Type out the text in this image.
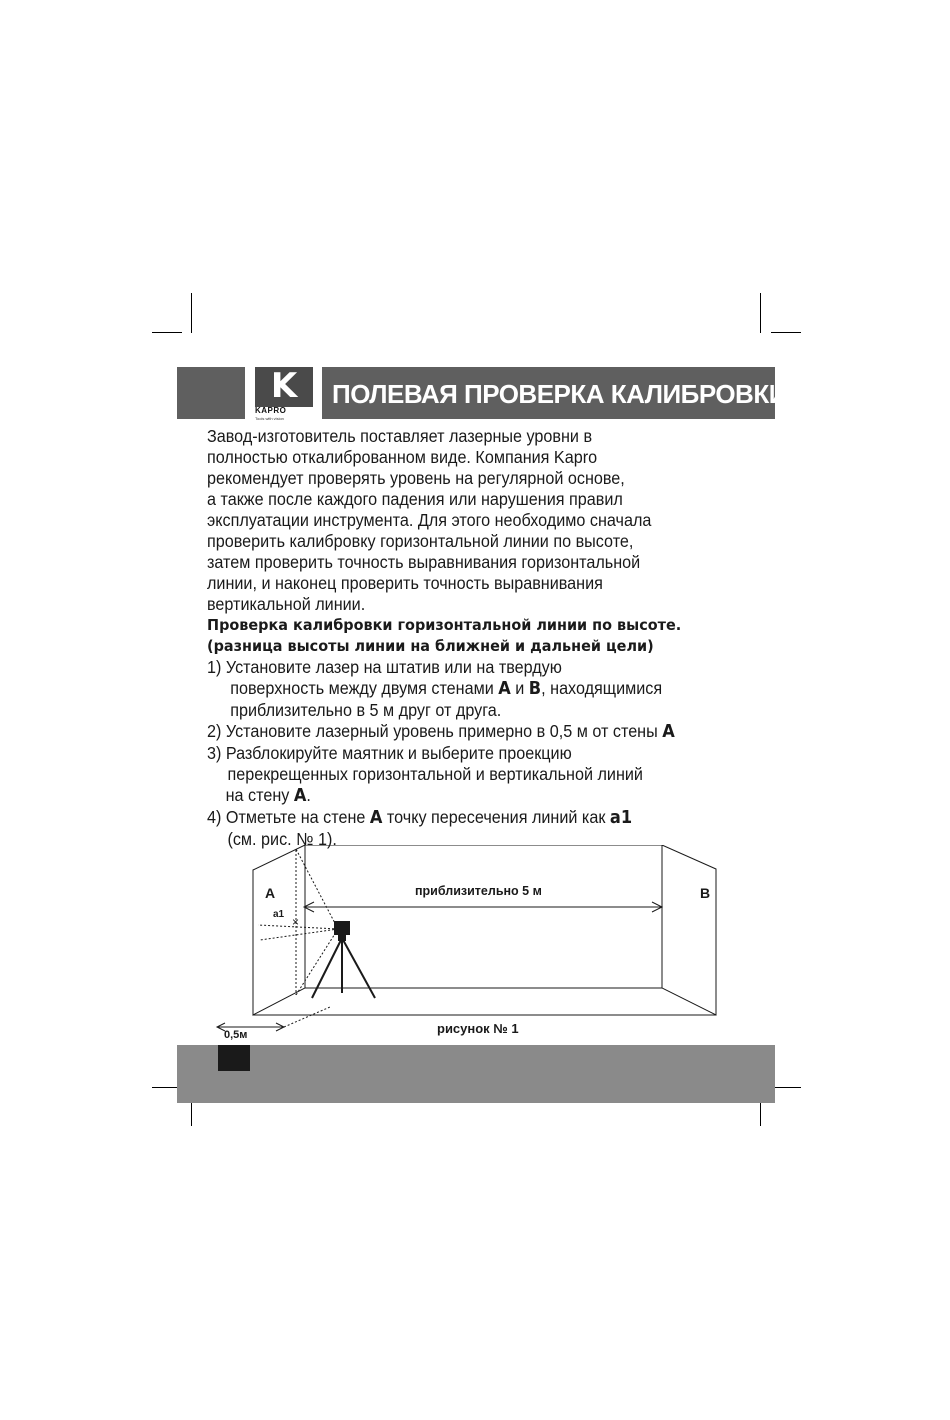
K
KAPRO
Tools with vision
ПОЛЕВАЯ ПРОВЕРКА КАЛИБРОВКИ

Завод-изготовитель поставляет лазерные уровни в
полностью откалиброванном виде. Компания Kapro
рекомендует проверять уровень на регулярной основе,
а также после каждого падения или нарушения правил
эксплуатации инструмента. Для этого необходимо сначала
проверить калибровку горизонтальной линии по высоте,
затем проверить точность выравнивания горизонтальной
линии, и наконец проверить точность выравнивания
вертикальной линии.

Проверка калибровки горизонтальной линии по высоте.
(разница высоты линии на ближней и дальней цели)

1) Установите лазер на штатив или на твердую

поверхность между двумя стенами A и B, находящимися

приблизительно в 5 м друг от друга.

2) Установите лазерный уровень примерно в 0,5 м от стены A

3) Разблокируйте маятник и выберите проекцию

перекрещенных горизонтальной и вертикальной линий

на стену A.

4) Отметьте на стене A точку пересечения линий как a1

(см. рис. № 1).

×
A	B
a1
приблизительно 5 м
0,5м	рисунок № 1
